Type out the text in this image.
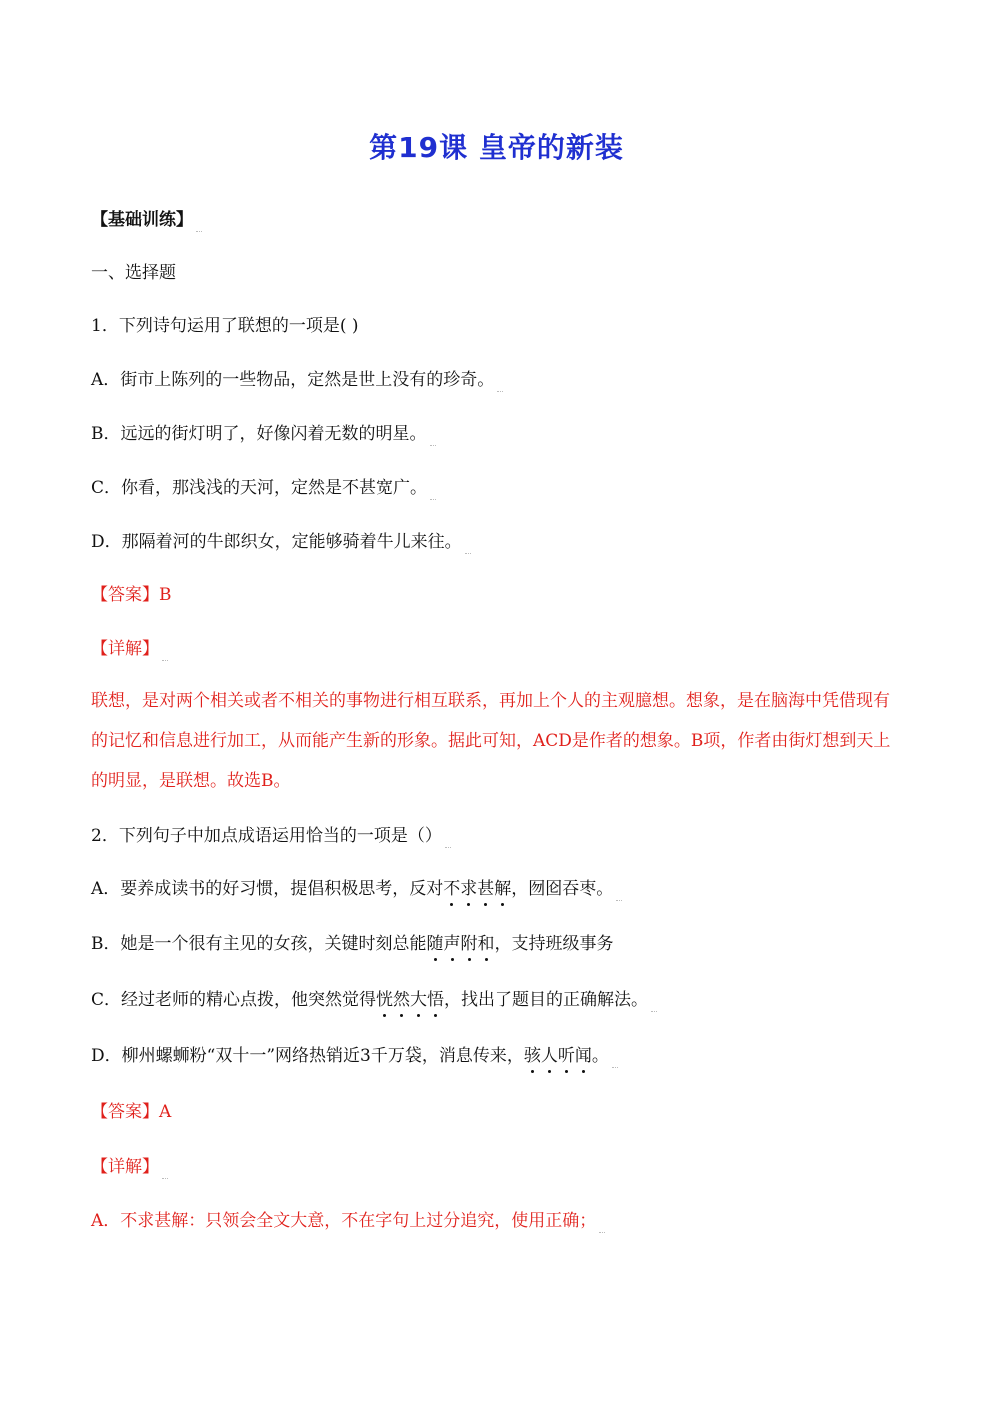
第19课 皇帝的新装
【基础训练】
一、选择题
1．下列诗句运用了联想的一项是( )
A．街市上陈列的一些物品，定然是世上没有的珍奇。
B．远远的街灯明了，好像闪着无数的明星。
C．你看，那浅浅的天河，定然是不甚宽广。
D．那隔着河的牛郎织女，定能够骑着牛儿来往。
【答案】B
【详解】
联想，是对两个相关或者不相关的事物进行相互联系，再加上个人的主观臆想。想象，是在脑海中凭借现有的记忆和信息进行加工，从而能产生新的形象。据此可知，ACD是作者的想象。B项，作者由街灯想到天上的明显，是联想。故选B。
2．下列句子中加点成语运用恰当的一项是（）
A．要养成读书的好习惯，提倡积极思考，反对不求甚解，囫囵吞枣。
B．她是一个很有主见的女孩，关键时刻总能随声附和，支持班级事务
C．经过老师的精心点拨，他突然觉得恍然大悟，找出了题目的正确解法。
D．柳州螺蛳粉“双十一”网络热销近3千万袋，消息传来，骇人听闻。
【答案】A
【详解】
A．不求甚解：只领会全文大意，不在字句上过分追究，使用正确；
